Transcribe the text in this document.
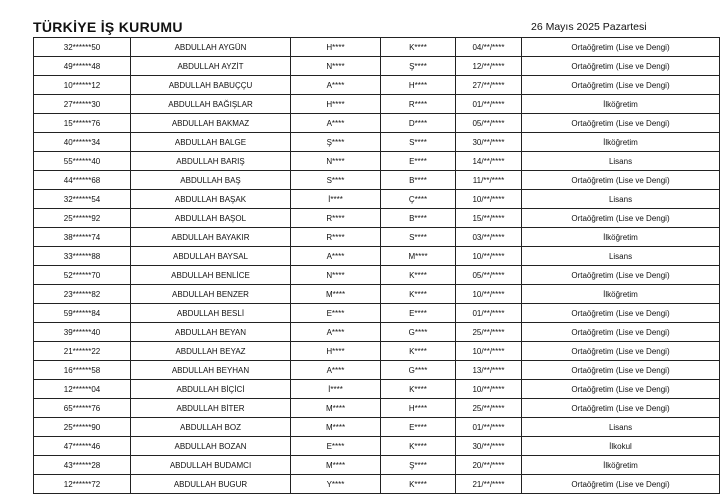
TÜRKİYE İŞ KURUMU	26 Mayıs 2025 Pazartesi
32******50	ABDULLAH AYGÜN	H****	K****	04/**/****	Ortaöğretim (Lise ve Dengi)
49******48	ABDULLAH AYZİT	N****	Ş****	12/**/****	Ortaöğretim (Lise ve Dengi)
10******12	ABDULLAH BABUÇÇU	A****	H****	27/**/****	Ortaöğretim (Lise ve Dengi)
27******30	ABDULLAH BAĞIŞLAR	H****	R****	01/**/****	İlköğretim
15******76	ABDULLAH BAKMAZ	A****	D****	05/**/****	Ortaöğretim (Lise ve Dengi)
40******34	ABDULLAH BALGE	Ş****	S****	30/**/****	İlköğretim
55******40	ABDULLAH BARIŞ	N****	E****	14/**/****	Lisans
44******68	ABDULLAH BAŞ	S****	B****	11/**/****	Ortaöğretim (Lise ve Dengi)
32******54	ABDULLAH BAŞAK	İ****	Ç****	10/**/****	Lisans
25******92	ABDULLAH BAŞOL	R****	B****	15/**/****	Ortaöğretim (Lise ve Dengi)
38******74	ABDULLAH BAYAKIR	R****	S****	03/**/****	İlköğretim
33******88	ABDULLAH BAYSAL	A****	M****	10/**/****	Lisans
52******70	ABDULLAH BENLİCE	N****	K****	05/**/****	Ortaöğretim (Lise ve Dengi)
23******82	ABDULLAH BENZER	M****	K****	10/**/****	İlköğretim
59******84	ABDULLAH BESLİ	E****	E****	01/**/****	Ortaöğretim (Lise ve Dengi)
39******40	ABDULLAH BEYAN	A****	G****	25/**/****	Ortaöğretim (Lise ve Dengi)
21******22	ABDULLAH BEYAZ	H****	K****	10/**/****	Ortaöğretim (Lise ve Dengi)
16******58	ABDULLAH BEYHAN	A****	G****	13/**/****	Ortaöğretim (Lise ve Dengi)
12******04	ABDULLAH BİÇİCİ	İ****	K****	10/**/****	Ortaöğretim (Lise ve Dengi)
65******76	ABDULLAH BİTER	M****	H****	25/**/****	Ortaöğretim (Lise ve Dengi)
25******90	ABDULLAH BOZ	M****	E****	01/**/****	Lisans
47******46	ABDULLAH BOZAN	E****	K****	30/**/****	İlkokul
43******28	ABDULLAH BUDAMCI	M****	Ş****	20/**/****	İlköğretim
12******72	ABDULLAH BUGUR	Y****	K****	21/**/****	Ortaöğretim (Lise ve Dengi)
